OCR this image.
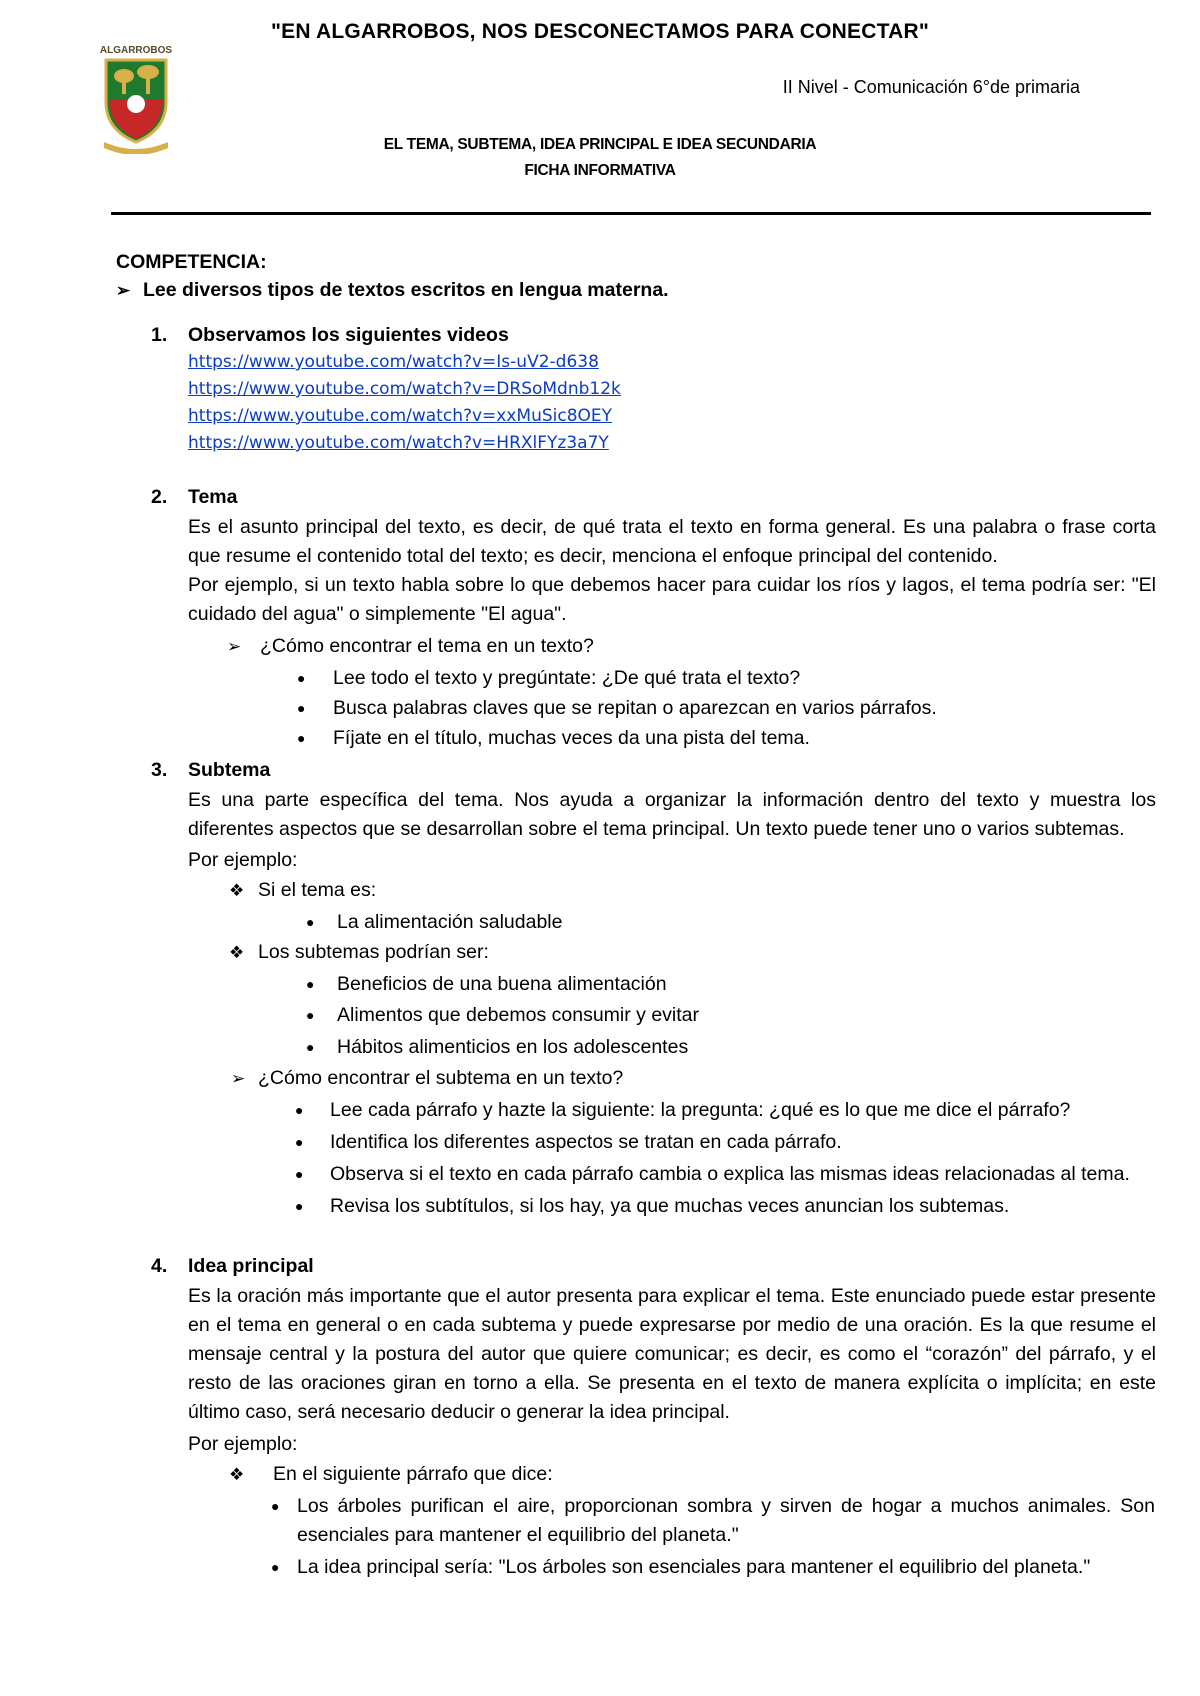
"EN ALGARROBOS, NOS DESCONECTAMOS PARA CONECTAR"
ALGARROBOS
II Nivel - Comunicación 6°de primaria
EL TEMA, SUBTEMA, IDEA PRINCIPAL E IDEA SECUNDARIA
FICHA INFORMATIVA
COMPETENCIA:
➢ Lee diversos tipos de textos escritos en lengua materna.
1. Observamos los siguientes videos
https://www.youtube.com/watch?v=Is-uV2-d638
https://www.youtube.com/watch?v=DRSoMdnb12k
https://www.youtube.com/watch?v=xxMuSic8OEY
https://www.youtube.com/watch?v=HRXlFYz3a7Y
2. Tema
Es el asunto principal del texto, es decir, de qué trata el texto en forma general. Es una palabra o frase corta que resume el contenido total del texto; es decir, menciona el enfoque principal del contenido.
Por ejemplo, si un texto habla sobre lo que debemos hacer para cuidar los ríos y lagos, el tema podría ser: "El cuidado del agua" o simplemente "El agua".
➢ ¿Cómo encontrar el tema en un texto?
● Lee todo el texto y pregúntate: ¿De qué trata el texto?
● Busca palabras claves que se repitan o aparezcan en varios párrafos.
● Fíjate en el título, muchas veces da una pista del tema.
3. Subtema
Es una parte específica del tema. Nos ayuda a organizar la información dentro del texto y muestra los diferentes aspectos que se desarrollan sobre el tema principal. Un texto puede tener uno o varios subtemas.
Por ejemplo:
❖ Si el tema es:
● La alimentación saludable
❖ Los subtemas podrían ser:
● Beneficios de una buena alimentación
● Alimentos que debemos consumir y evitar
● Hábitos alimenticios en los adolescentes
➢ ¿Cómo encontrar el subtema en un texto?
● Lee cada párrafo y hazte la siguiente: la pregunta: ¿qué es lo que me dice el párrafo?
● Identifica los diferentes aspectos se tratan en cada párrafo.
● Observa si el texto en cada párrafo cambia o explica las mismas ideas relacionadas al tema.
● Revisa los subtítulos, si los hay, ya que muchas veces anuncian los subtemas.
4. Idea principal
Es la oración más importante que el autor presenta para explicar el tema. Este enunciado puede estar presente en el tema en general o en cada subtema y puede expresarse por medio de una oración. Es la que resume el mensaje central y la postura del autor que quiere comunicar; es decir, es como el “corazón” del párrafo, y el resto de las oraciones giran en torno a ella. Se presenta en el texto de manera explícita o implícita; en este último caso, será necesario deducir o generar la idea principal.
Por ejemplo:
❖ En el siguiente párrafo que dice:
● Los árboles purifican el aire, proporcionan sombra y sirven de hogar a muchos animales. Son esenciales para mantener el equilibrio del planeta."
● La idea principal sería: "Los árboles son esenciales para mantener el equilibrio del planeta."
